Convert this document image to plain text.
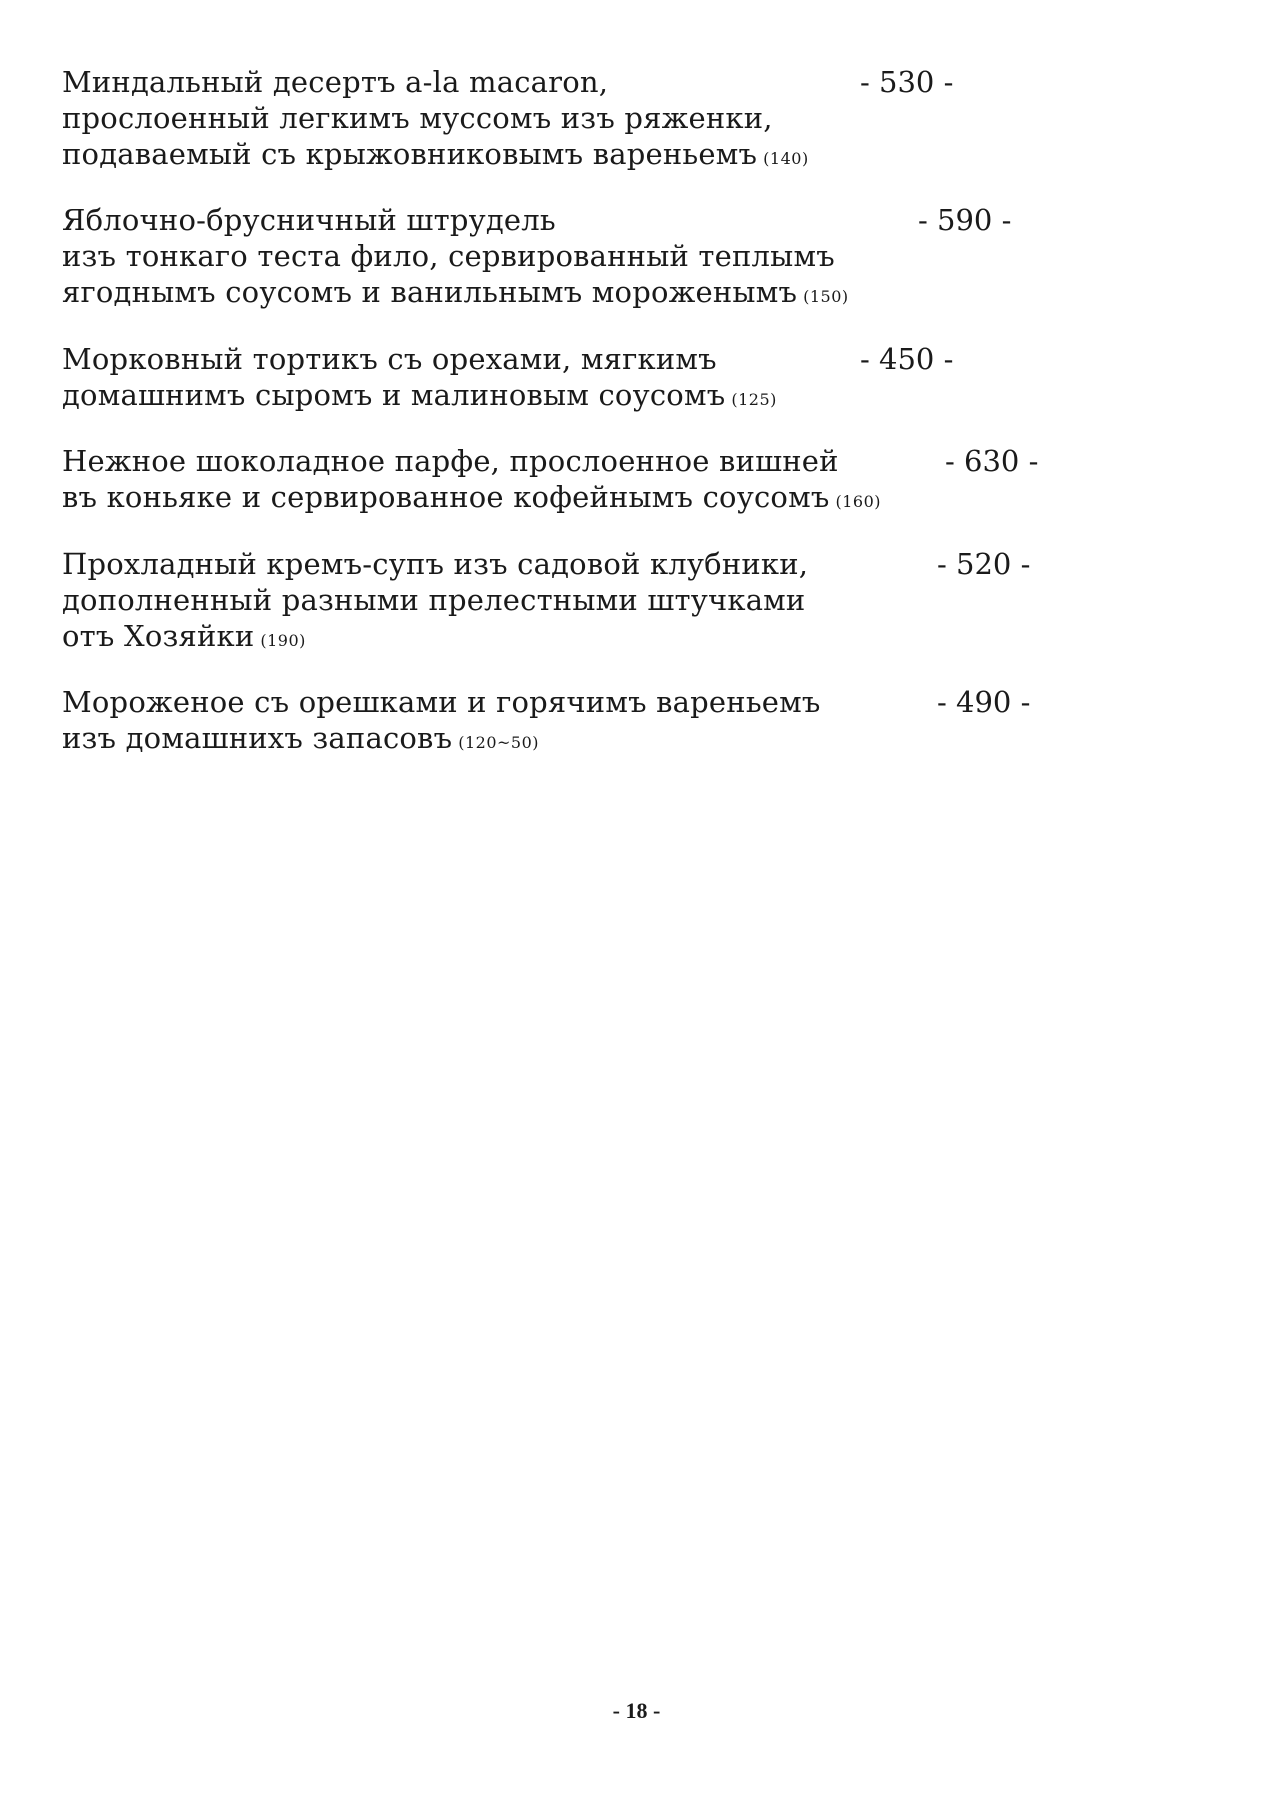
Миндальный десертъ a-la macaron,
прослоенный легкимъ муссомъ изъ ряженки,
подаваемый съ крыжовниковымъ вареньемъ (140)
- 530 -
Яблочно-брусничный штрудель
изъ тонкаго теста фило, сервированный теплымъ
ягоднымъ соусомъ и ванильнымъ мороженымъ (150)
- 590 -
Морковный тортикъ съ орехами, мягкимъ
домашнимъ сыромъ и малиновым соусомъ (125)
- 450 -
Нежное шоколадное парфе, прослоенное вишней
въ коньяке и сервированное кофейнымъ соусомъ (160)
- 630 -
Прохладный кремъ-супъ изъ садовой клубники,
дополненный разными прелестными штучками
отъ Хозяйки (190)
- 520 -
Мороженое съ орешками и горячимъ вареньемъ
изъ домашнихъ запасовъ (120~50)
- 490 -
- 18 -
